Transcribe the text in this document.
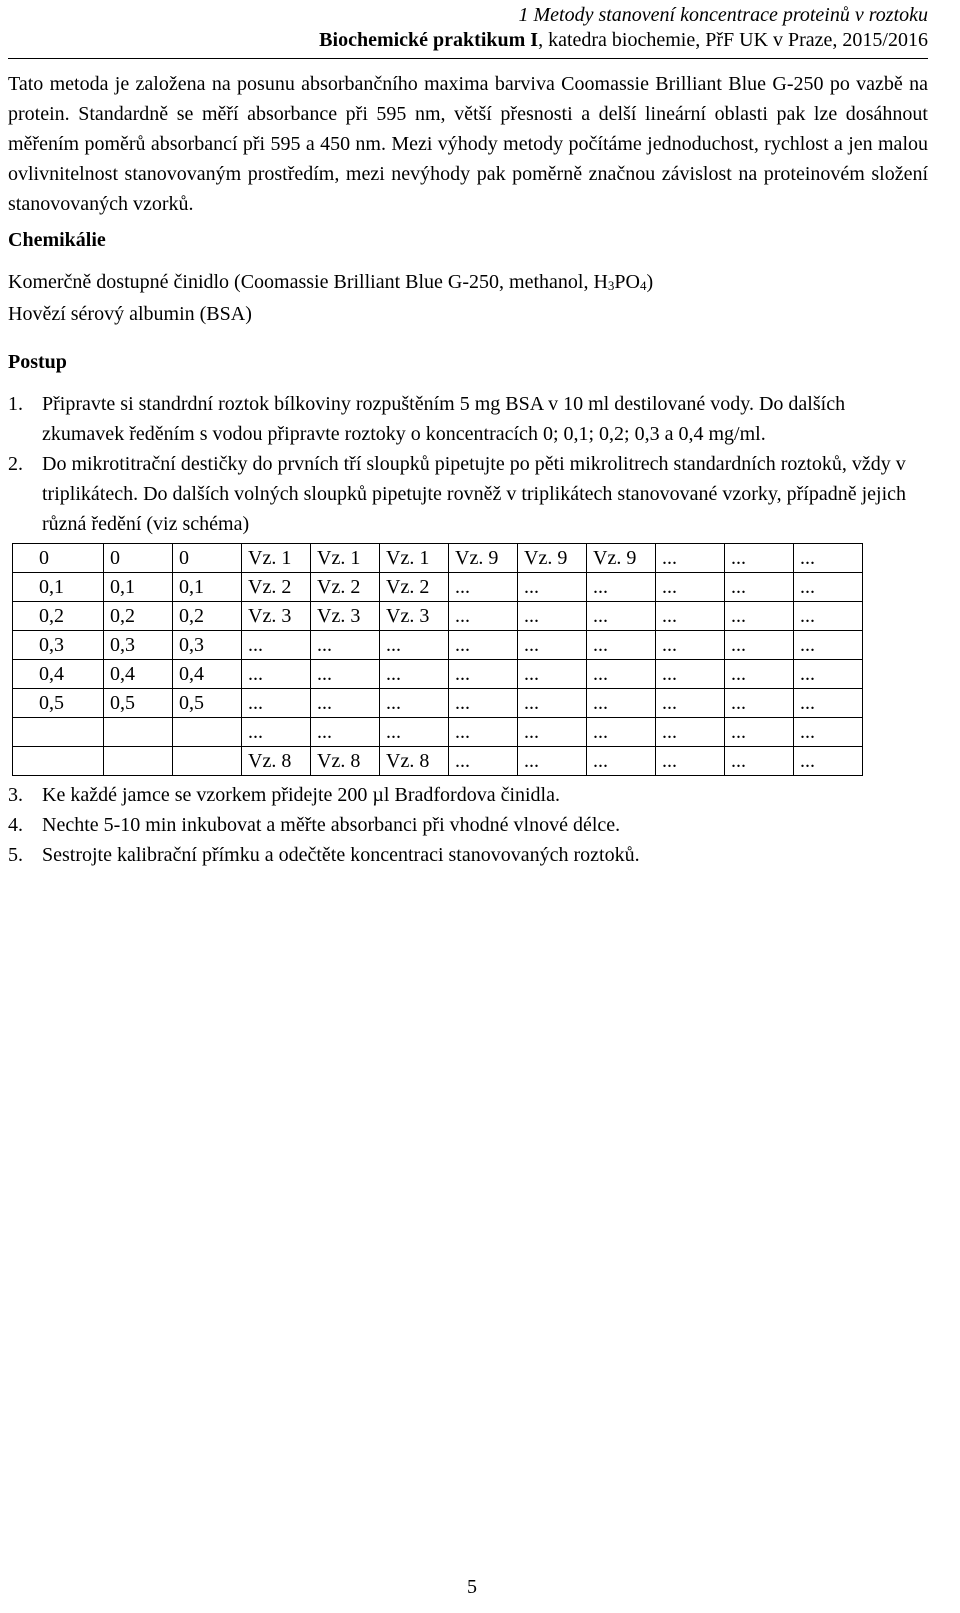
1 Metody stanovení koncentrace proteinů v roztoku
Biochemické praktikum I, katedra biochemie, PřF UK v Praze, 2015/2016

Tato metoda je založena na posunu absorbančního maxima barviva Coomassie Brilliant Blue G-250 po vazbě na protein. Standardně se měří absorbance při 595 nm, větší přesnosti a delší lineární oblasti pak lze dosáhnout měřením poměrů absorbancí při 595 a 450 nm. Mezi výhody metody počítáme jednoduchost, rychlost a jen malou ovlivnitelnost stanovovaným prostředím, mezi nevýhody pak poměrně značnou závislost na proteinovém složení stanovovaných vzorků.

Chemikálie
Komerčně dostupné činidlo (Coomassie Brilliant Blue G-250, methanol, $H_3PO_4$)
Hovězí sérový albumin (BSA)
Postup
1. Připravte si standrdní roztok bílkoviny rozpuštěním 5 mg BSA v 10 ml destilované vody. Do dalších zkumavek ředěním s vodou připravte roztoky o koncentracích 0; 0,1; 0,2; 0,3 a 0,4 mg/ml.
2. Do mikrotitrační destičky do prvních tří sloupků pipetujte po pěti mikrolitrech standardních roztoků, vždy v triplikátech. Do dalších volných sloupků pipetujte rovněž v triplikátech stanovované vzorky, případně jejich různá ředění (viz schéma)
0	0	0	Vz. 1	Vz. 1	Vz. 1	Vz. 9	Vz. 9	Vz. 9	...	...	...
0,1	0,1	0,1	Vz. 2	Vz. 2	Vz. 2	...	...	...	...	...	...
0,2	0,2	0,2	Vz. 3	Vz. 3	Vz. 3	...	...	...	...	...	...
0,3	0,3	0,3	...	...	...	...	...	...	...	...	...
0,4	0,4	0,4	...	...	...	...	...	...	...	...	...
0,5	0,5	0,5	...	...	...	...	...	...	...	...	...
			...	...	...	...	...	...	...	...	...
			Vz. 8	Vz. 8	Vz. 8	...	...	...	...	...	...
3. Ke každé jamce se vzorkem přidejte 200 µl Bradfordova činidla.
4. Nechte 5-10 min inkubovat a měřte absorbanci při vhodné vlnové délce.
5. Sestrojte kalibrační přímku a odečtěte koncentraci stanovovaných roztoků.
5
